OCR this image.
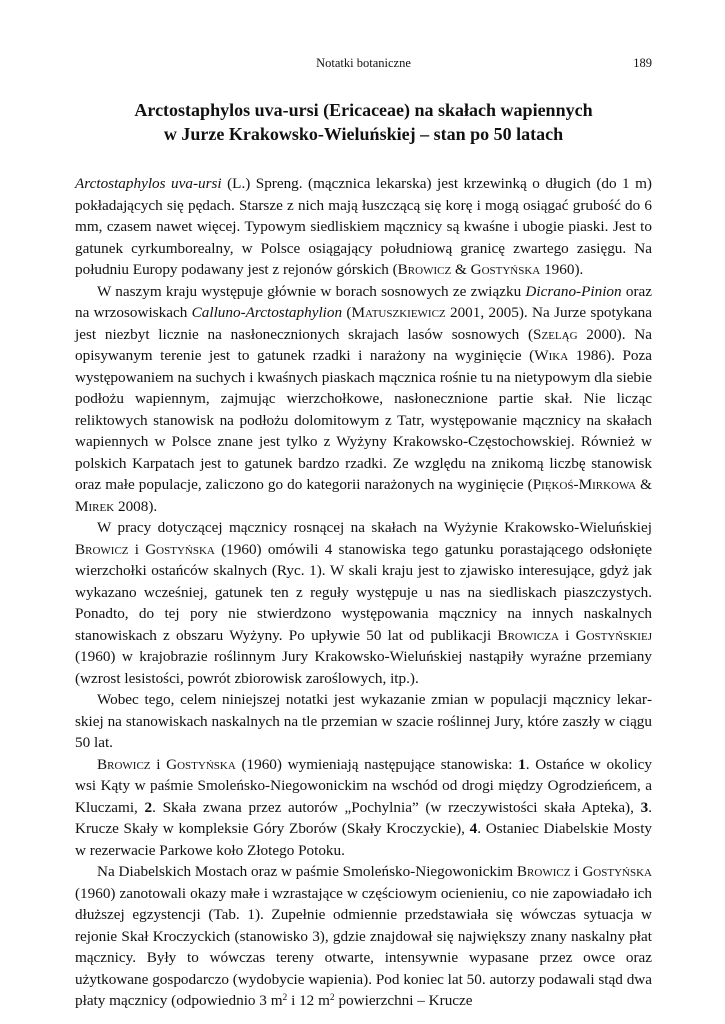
Notatki botaniczne	189
Arctostaphylos uva-ursi (Ericaceae) na skałach wapiennych
w Jurze Krakowsko-Wieluńskiej – stan po 50 latach

Arctostaphylos uva-ursi (L.) Spreng. (mącznica lekarska) jest krzewinką o długich (do 1 m) pokładających się pędach. Starsze z nich mają łuszczącą się korę i mogą osiągać grubość do 6 mm, czasem nawet więcej. Typowym siedliskiem mącznicy są kwaśne i ubogie piaski. Jest to gatunek cyrkumborealny, w Polsce osiągający południową granicę zwartego zasięgu. Na południu Europy podawany jest z rejonów górskich (Browicz & Gostyńska 1960).

W naszym kraju występuje głównie w borach sosnowych ze związku Dicrano-Pinion oraz na wrzosowiskach Calluno-Arctostaphylion (Matuszkiewicz 2001, 2005). Na Jurze spotykana jest niezbyt licznie na nasłonecznionych skrajach lasów sosnowych (Szeląg 2000). Na opisywanym terenie jest to gatunek rzadki i narażony na wyginięcie (Wika 1986). Poza występowaniem na suchych i kwaśnych piaskach mącznica rośnie tu na nietypowym dla siebie podłożu wapiennym, zajmując wierzchołkowe, nasłonecznione partie skał. Nie licząc reliktowych stanowisk na podłożu dolomitowym z Tatr, występowanie mącznicy na skałach wapiennych w Polsce znane jest tylko z Wyżyny Krakowsko-Częstochowskiej. Również w polskich Karpatach jest to gatunek bardzo rzadki. Ze względu na znikomą liczbę stanowisk oraz małe populacje, zaliczono go do kategorii narażonych na wyginięcie (Piękoś-Mirkowa & Mirek 2008).

W pracy dotyczącej mącznicy rosnącej na skałach na Wyżynie Krakowsko-Wieluńskiej Browicz i Gostyńska (1960) omówili 4 stanowiska tego gatunku porastającego odsłonięte wierzchołki ostańców skalnych (Ryc. 1). W skali kraju jest to zjawisko interesujące, gdyż jak wykazano wcześniej, gatunek ten z reguły występuje u nas na siedliskach piaszczystych. Ponadto, do tej pory nie stwierdzono występowania mącznicy na innych naskalnych stanowiskach z obszaru Wyżyny. Po upływie 50 lat od publikacji Browicza i Gostyńskiej (1960) w krajobrazie roślinnym Jury Krakowsko-Wieluńskiej nastąpiły wyraźne przemiany (wzrost lesistości, powrót zbiorowisk zaroślowych, itp.).

Wobec tego, celem niniejszej notatki jest wykazanie zmian w populacji mącznicy lekarskiej na stanowiskach naskalnych na tle przemian w szacie roślinnej Jury, które zaszły w ciągu 50 lat.

Browicz i Gostyńska (1960) wymieniają następujące stanowiska: 1. Ostańce w okolicy wsi Kąty w paśmie Smoleńsko-Niegowonickim na wschód od drogi między Ogrodzieńcem, a Kluczami, 2. Skała zwana przez autorów „Pochylnia” (w rzeczywistości skała Apteka), 3. Krucze Skały w kompleksie Góry Zborów (Skały Kroczyckie), 4. Ostaniec Diabelskie Mosty w rezerwacie Parkowe koło Złotego Potoku.

Na Diabelskich Mostach oraz w paśmie Smoleńsko-Niegowonickim Browicz i Gostyńska (1960) zanotowali okazy małe i wzrastające w częściowym ocienieniu, co nie zapowiadało ich dłuższej egzystencji (Tab. 1). Zupełnie odmiennie przedstawiała się wówczas sytuacja w rejonie Skał Kroczyckich (stanowisko 3), gdzie znajdował się największy znany naskalny płat mącznicy. Były to wówczas tereny otwarte, intensywnie wypasane przez owce oraz użytkowane gospodarczo (wydobycie wapienia). Pod koniec lat 50. autorzy podawali stąd dwa płaty mącznicy (odpowiednio 3 $m^2$ i 12 $m^2$ powierzchni – Krucze
